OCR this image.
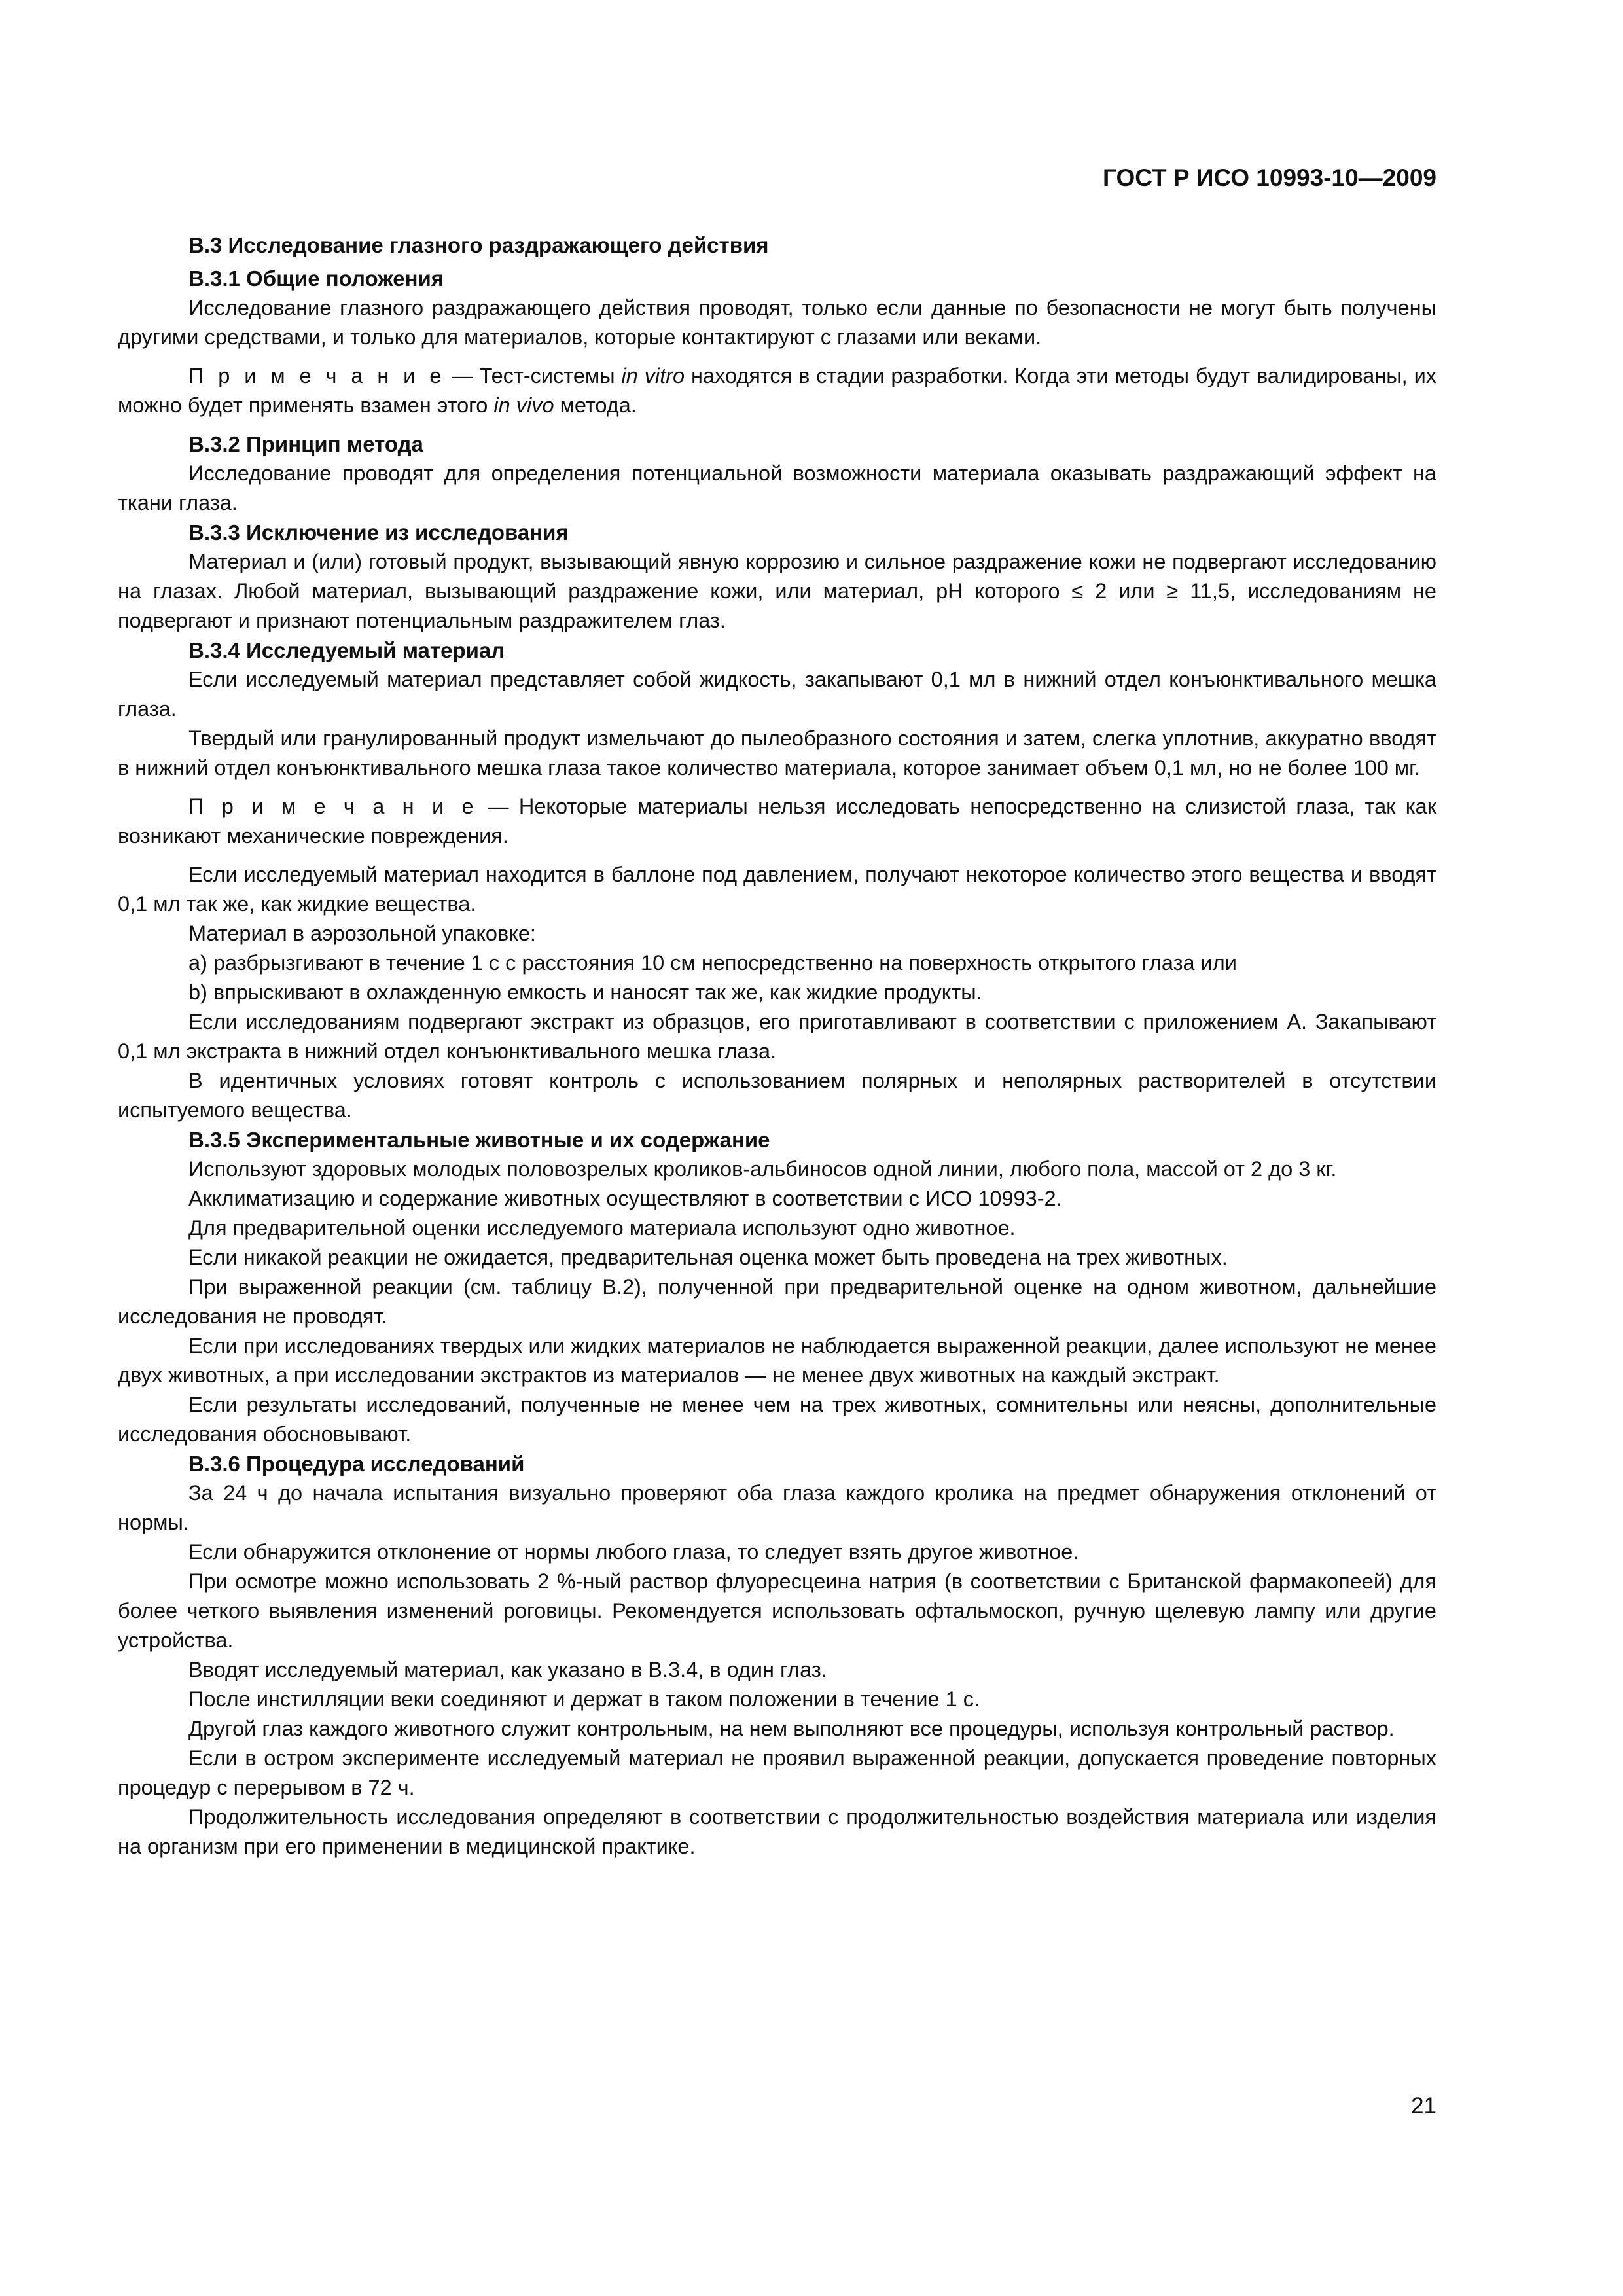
ГОСТ Р ИСО 10993-10—2009
В.3 Исследование глазного раздражающего действия
В.3.1 Общие положения

Исследование глазного раздражающего действия проводят, только если данные по безопасности не могут быть получены другими средствами, и только для материалов, которые контактируют с глазами или веками.

П р и м е ч а н и е — Тест-системы in vitro находятся в стадии разработки. Когда эти методы будут валидированы, их можно будет применять взамен этого in vivo метода.

В.3.2 Принцип метода

Исследование проводят для определения потенциальной возможности материала оказывать раздражающий эффект на ткани глаза.

В.3.3 Исключение из исследования

Материал и (или) готовый продукт, вызывающий явную коррозию и сильное раздражение кожи не подвергают исследованию на глазах. Любой материал, вызывающий раздражение кожи, или материал, pH которого ≤ 2 или ≥ 11,5, исследованиям не подвергают и признают потенциальным раздражителем глаз.

В.3.4 Исследуемый материал

Если исследуемый материал представляет собой жидкость, закапывают 0,1 мл в нижний отдел конъюнктивального мешка глаза.

Твердый или гранулированный продукт измельчают до пылеобразного состояния и затем, слегка уплотнив, аккуратно вводят в нижний отдел конъюнктивального мешка глаза такое количество материала, которое занимает объем 0,1 мл, но не более 100 мг.

П р и м е ч а н и е — Некоторые материалы нельзя исследовать непосредственно на слизистой глаза, так как возникают механические повреждения.

Если исследуемый материал находится в баллоне под давлением, получают некоторое количество этого вещества и вводят 0,1 мл так же, как жидкие вещества.

Материал в аэрозольной упаковке:

a) разбрызгивают в течение 1 с с расстояния 10 см непосредственно на поверхность открытого глаза или

b) впрыскивают в охлажденную емкость и наносят так же, как жидкие продукты.

Если исследованиям подвергают экстракт из образцов, его приготавливают в соответствии с приложением А. Закапывают 0,1 мл экстракта в нижний отдел конъюнктивального мешка глаза.

В идентичных условиях готовят контроль с использованием полярных и неполярных растворителей в отсутствии испытуемого вещества.

В.3.5 Экспериментальные животные и их содержание

Используют здоровых молодых половозрелых кроликов-альбиносов одной линии, любого пола, массой от 2 до 3 кг.

Акклиматизацию и содержание животных осуществляют в соответствии с ИСО 10993-2.

Для предварительной оценки исследуемого материала используют одно животное.

Если никакой реакции не ожидается, предварительная оценка может быть проведена на трех животных.

При выраженной реакции (см. таблицу В.2), полученной при предварительной оценке на одном животном, дальнейшие исследования не проводят.

Если при исследованиях твердых или жидких материалов не наблюдается выраженной реакции, далее используют не менее двух животных, а при исследовании экстрактов из материалов — не менее двух животных на каждый экстракт.

Если результаты исследований, полученные не менее чем на трех животных, сомнительны или неясны, дополнительные исследования обосновывают.

В.3.6 Процедура исследований

За 24 ч до начала испытания визуально проверяют оба глаза каждого кролика на предмет обнаружения отклонений от нормы.

Если обнаружится отклонение от нормы любого глаза, то следует взять другое животное.

При осмотре можно использовать 2 %-ный раствор флуоресцеина натрия (в соответствии с Британской фармакопеей) для более четкого выявления изменений роговицы. Рекомендуется использовать офтальмоскоп, ручную щелевую лампу или другие устройства.

Вводят исследуемый материал, как указано в В.3.4, в один глаз.

После инстилляции веки соединяют и держат в таком положении в течение 1 с.

Другой глаз каждого животного служит контрольным, на нем выполняют все процедуры, используя контрольный раствор.

Если в остром эксперименте исследуемый материал не проявил выраженной реакции, допускается проведение повторных процедур с перерывом в 72 ч.

Продолжительность исследования определяют в соответствии с продолжительностью воздействия материала или изделия на организм при его применении в медицинской практике.

21
